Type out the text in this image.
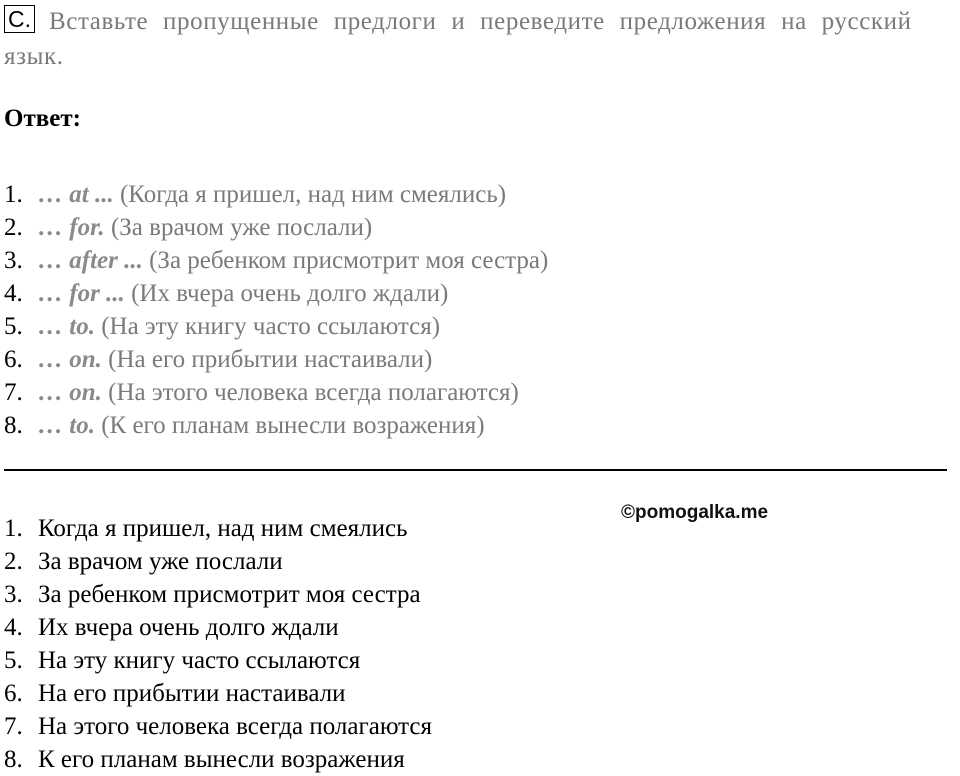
С. Вставьте пропущенные предлоги и переведите предложения на русский язык.
Ответ:
1. … at ... (Когда я пришел, над ним смеялись)
2. … for. (За врачом уже послали)
3. … after ... (За ребенком присмотрит моя сестра)
4. … for ... (Их вчера очень долго ждали)
5. … to. (На эту книгу часто ссылаются)
6. … on. (На его прибытии настаивали)
7. … on. (На этого человека всегда полагаются)
8. … to. (К его планам вынесли возражения)
©pomogalka.me
1. Когда я пришел, над ним смеялись
2. За врачом уже послали
3. За ребенком присмотрит моя сестра
4. Их вчера очень долго ждали
5. На эту книгу часто ссылаются
6. На его прибытии настаивали
7. На этого человека всегда полагаются
8. К его планам вынесли возражения
